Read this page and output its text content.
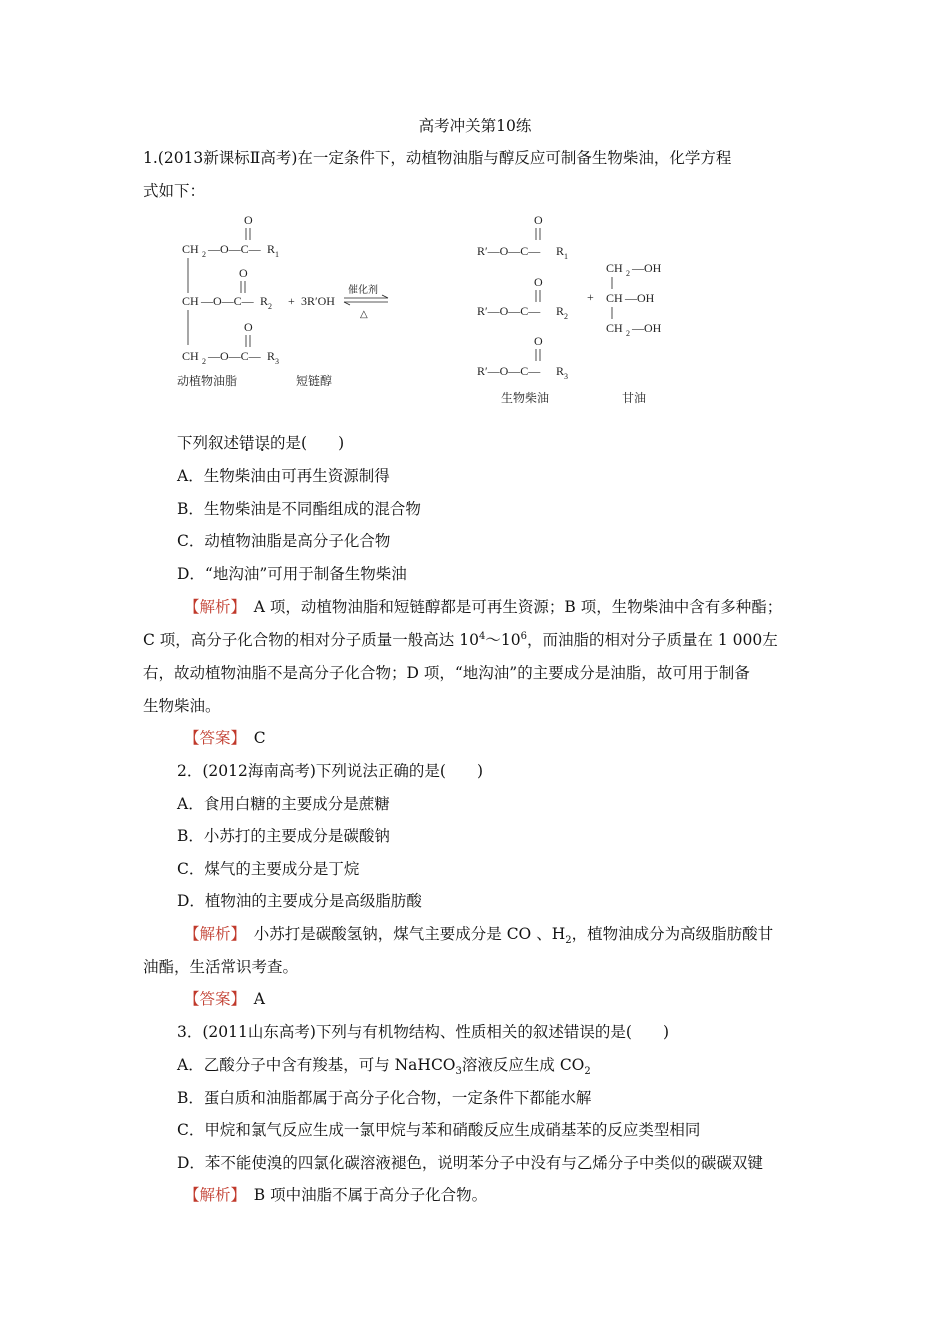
高考冲关第10练
1.(2013新课标Ⅱ高考)在一定条件下，动植物油脂与醇反应可制备生物柴油，化学方程
式如下：
O
CH 2 —O—C— R 1
O
CH —O—C— R 2
O
CH 2 —O—C— R 3
动植物油脂
+ 3R′OH
催化剂
△
短链醇
O
R′—O—C— R 1
O
R′—O—C— R 2
O
R′—O—C— R 3
生物柴油
+
CH 2 —OH
CH —OH
CH 2 —OH
甘油
下列叙述错误的是(　　)
A．生物柴油由可再生资源制得
B．生物柴油是不同酯组成的混合物
C．动植物油脂是高分子化合物
D．“地沟油”可用于制备生物柴油
【解析】　A 项，动植物油脂和短链醇都是可再生资源；B 项，生物柴油中含有多种酯；
C 项，高分子化合物的相对分子质量一般高达 $10^4\sim 10^6$，而油脂的相对分子质量在 1 000左
右，故动植物油脂不是高分子化合物；D 项，“地沟油”的主要成分是油脂，故可用于制备
生物柴油。
【答案】　C
2．(2012海南高考)下列说法正确的是(　　)
A．食用白糖的主要成分是蔗糖
B．小苏打的主要成分是碳酸钠
C．煤气的主要成分是丁烷
D．植物油的主要成分是高级脂肪酸
【解析】　小苏打是碳酸氢钠，煤气主要成分是 CO 、$H_2$，植物油成分为高级脂肪酸甘
油酯，生活常识考查。
【答案】　A
3．(2011山东高考)下列与有机物结构、性质相关的叙述错误的是(　　)
A．乙酸分子中含有羧基，可与 NaHCO$_3$溶液反应生成 $CO_2$
B．蛋白质和油脂都属于高分子化合物，一定条件下都能水解
C．甲烷和氯气反应生成一氯甲烷与苯和硝酸反应生成硝基苯的反应类型相同
D．苯不能使溴的四氯化碳溶液褪色，说明苯分子中没有与乙烯分子中类似的碳碳双键
【解析】　B 项中油脂不属于高分子化合物。
